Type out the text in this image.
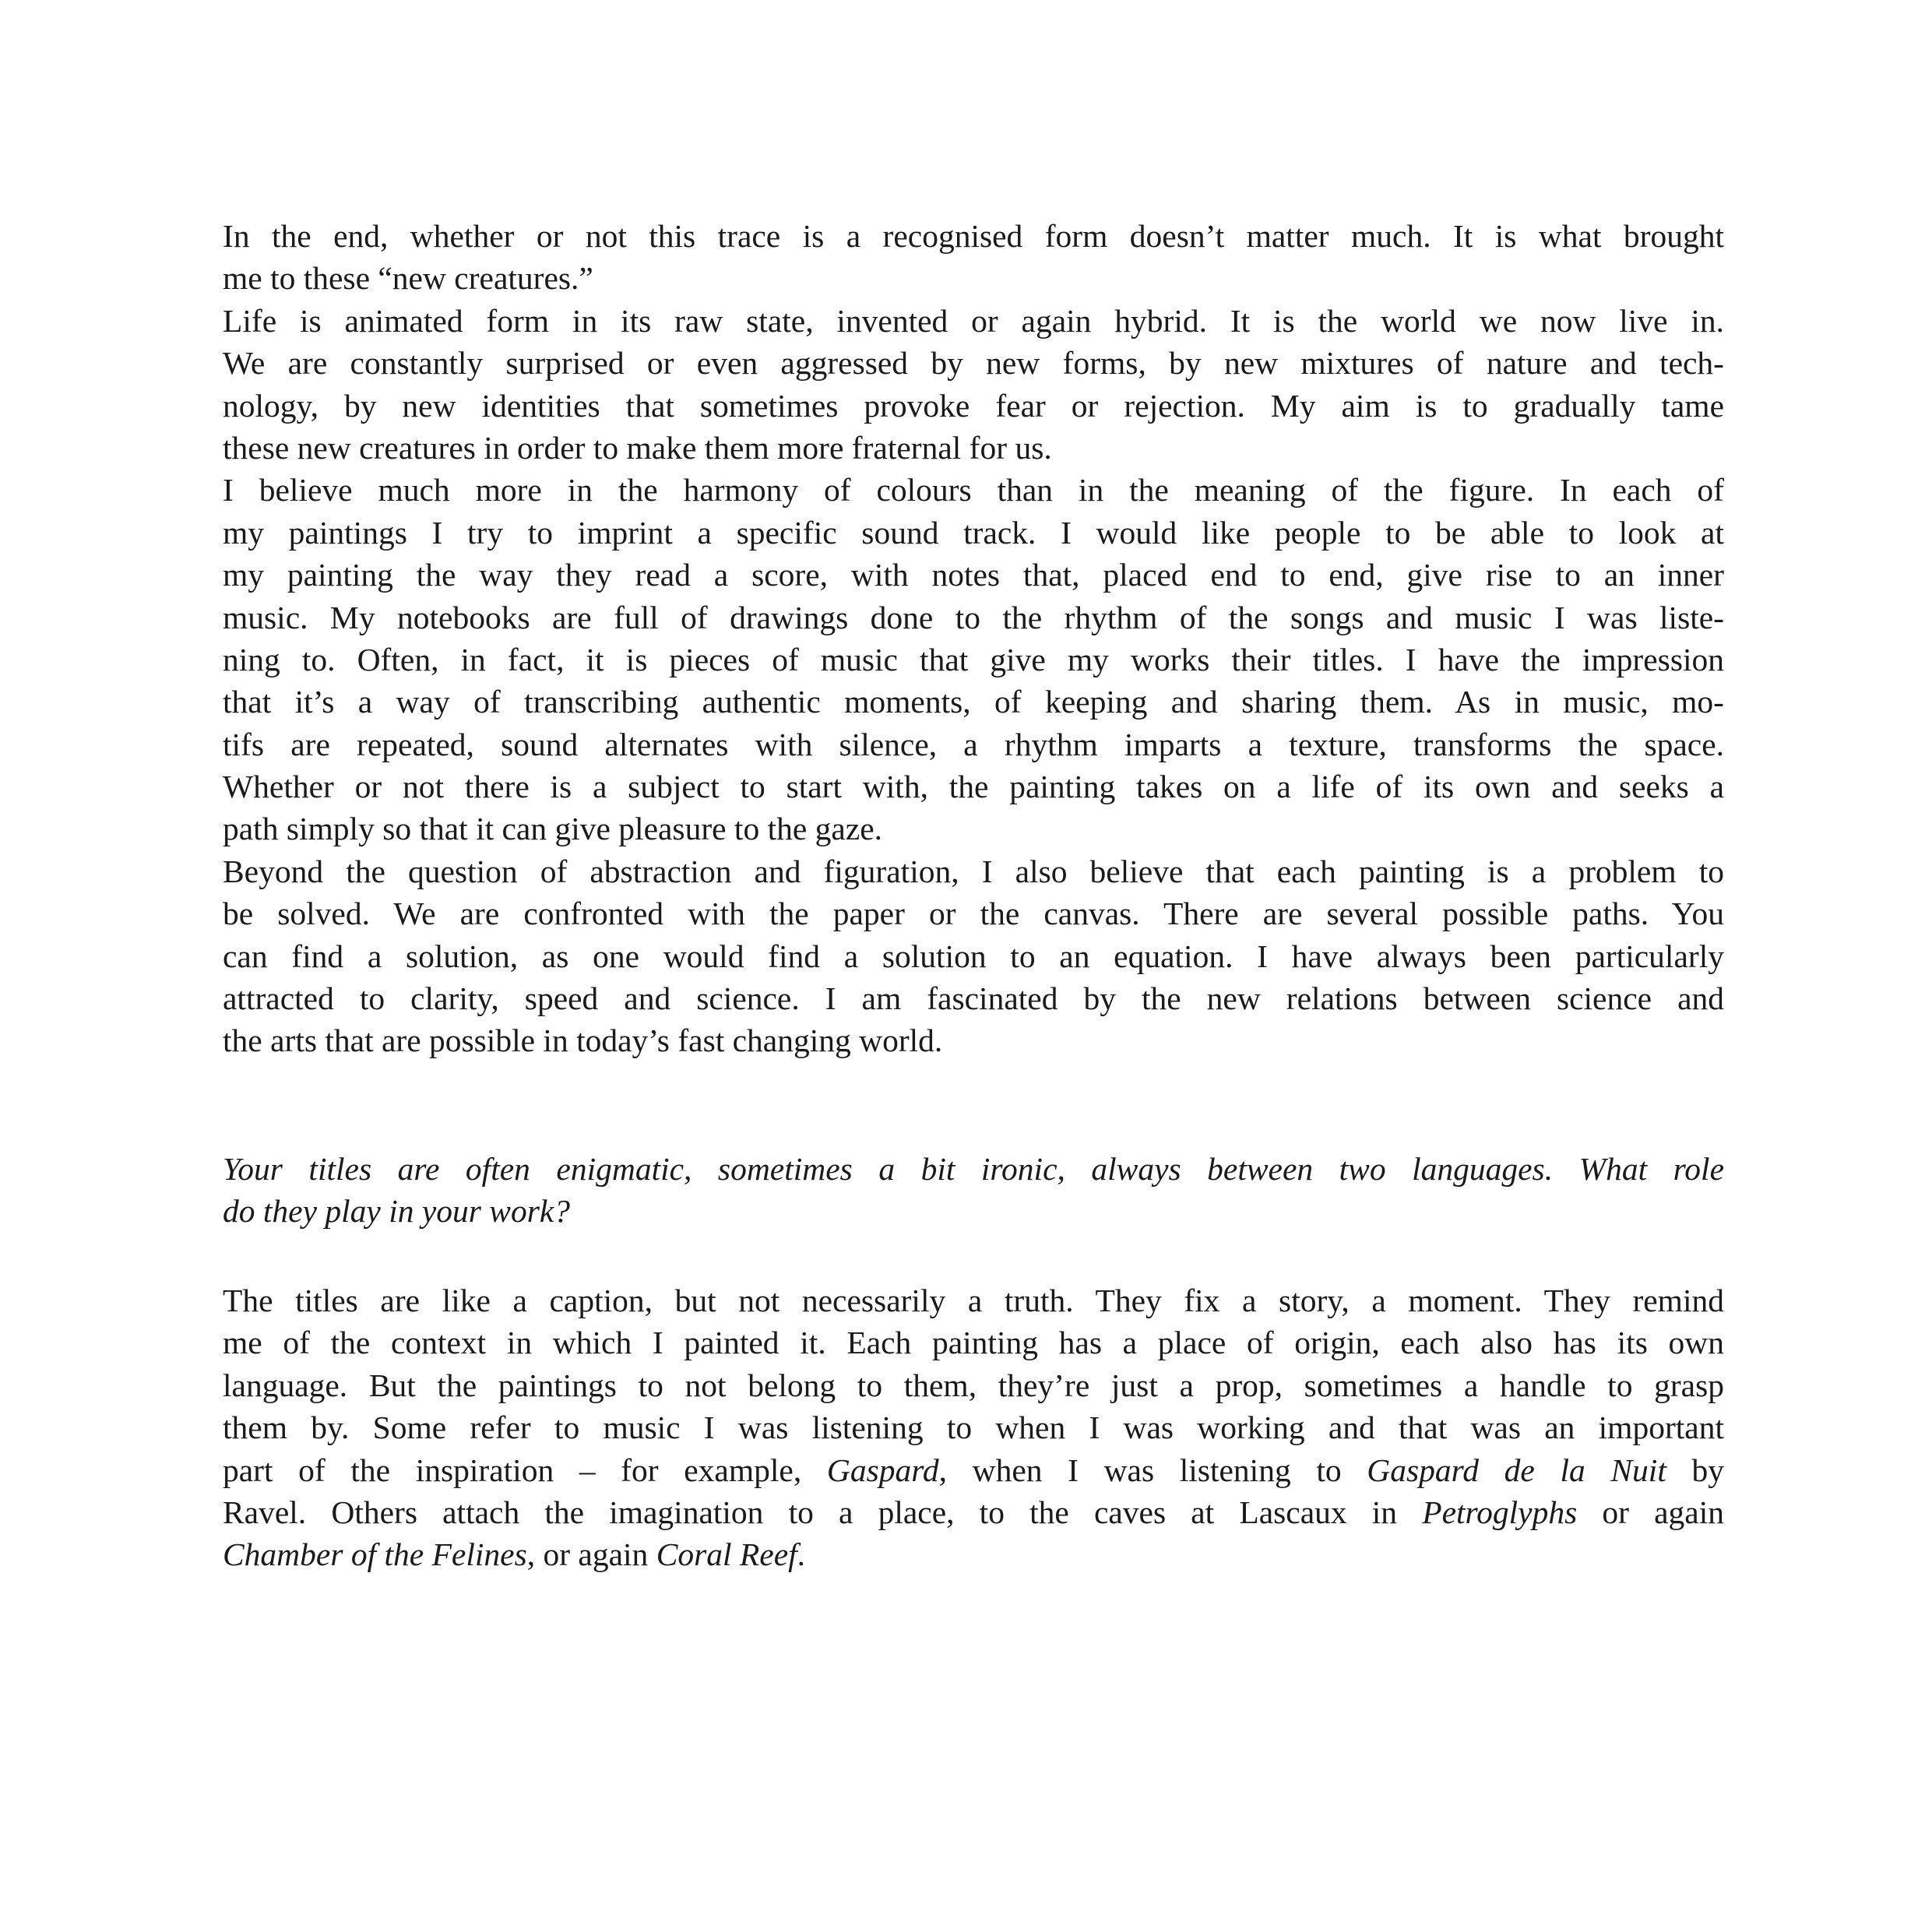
In the end, whether or not this trace is a recognised form doesn’t matter much. It is what brought
me to these “new creatures.”
Life is animated form in its raw state, invented or again hybrid. It is the world we now live in.
We are constantly surprised or even aggressed by new forms, by new mixtures of nature and tech-
nology, by new identities that sometimes provoke fear or rejection. My aim is to gradually tame
these new creatures in order to make them more fraternal for us.
I believe much more in the harmony of colours than in the meaning of the figure. In each of
my paintings I try to imprint a specific sound track. I would like people to be able to look at
my painting the way they read a score, with notes that, placed end to end, give rise to an inner
music. My notebooks are full of drawings done to the rhythm of the songs and music I was liste-
ning to. Often, in fact, it is pieces of music that give my works their titles. I have the impression
that it’s a way of transcribing authentic moments, of keeping and sharing them. As in music, mo-
tifs are repeated, sound alternates with silence, a rhythm imparts a texture, transforms the space.
Whether or not there is a subject to start with, the painting takes on a life of its own and seeks a
path simply so that it can give pleasure to the gaze.
Beyond the question of abstraction and figuration, I also believe that each painting is a problem to
be solved. We are confronted with the paper or the canvas. There are several possible paths. You
can find a solution, as one would find a solution to an equation. I have always been particularly
attracted to clarity, speed and science. I am fascinated by the new relations between science and
the arts that are possible in today’s fast changing world.
Your titles are often enigmatic, sometimes a bit ironic, always between two languages. What role
do they play in your work?
The titles are like a caption, but not necessarily a truth. They fix a story, a moment. They remind
me of the context in which I painted it. Each painting has a place of origin, each also has its own
language. But the paintings to not belong to them, they’re just a prop, sometimes a handle to grasp
them by. Some refer to music I was listening to when I was working and that was an important
part of the inspiration – for example, Gaspard, when I was listening to Gaspard de la Nuit by
Ravel. Others attach the imagination to a place, to the caves at Lascaux in Petroglyphs or again
Chamber of the Felines, or again Coral Reef.
